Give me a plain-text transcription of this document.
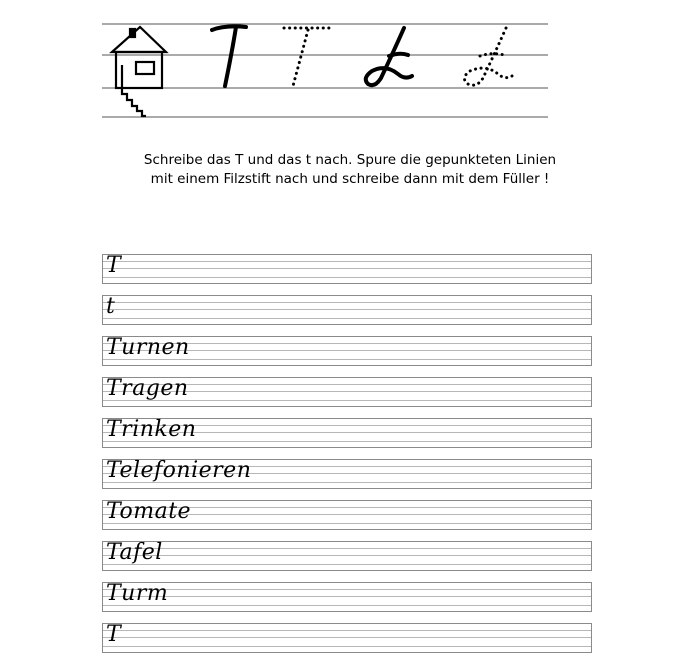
Schreibe das T und das t nach. Spure die gepunkteten Linien
mit einem Filzstift nach und schreibe dann mit dem Füller !
T
t
Turnen
Tragen
Trinken
Telefonieren
Tomate
Tafel
Turm
T
